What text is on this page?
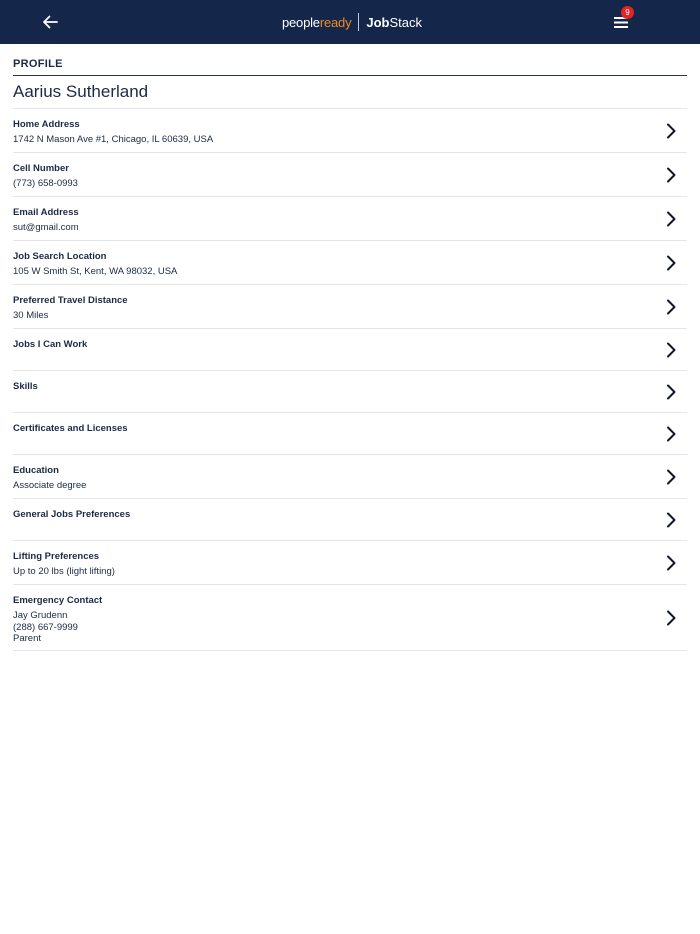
people ready Job Stack
9
PROFILE
Aarius Sutherland
Home Address
1742 N Mason Ave #1, Chicago, IL 60639, USA
Cell Number
(773) 658-0993
Email Address
sut@gmail.com
Job Search Location
105 W Smith St, Kent, WA 98032, USA
Preferred Travel Distance
30 Miles
Jobs I Can Work
Skills
Certificates and Licenses
Education
Associate degree
General Jobs Preferences
Lifting Preferences
Up to 20 lbs (light lifting)
Emergency Contact
Jay Grudenn
(288) 667-9999
Parent
